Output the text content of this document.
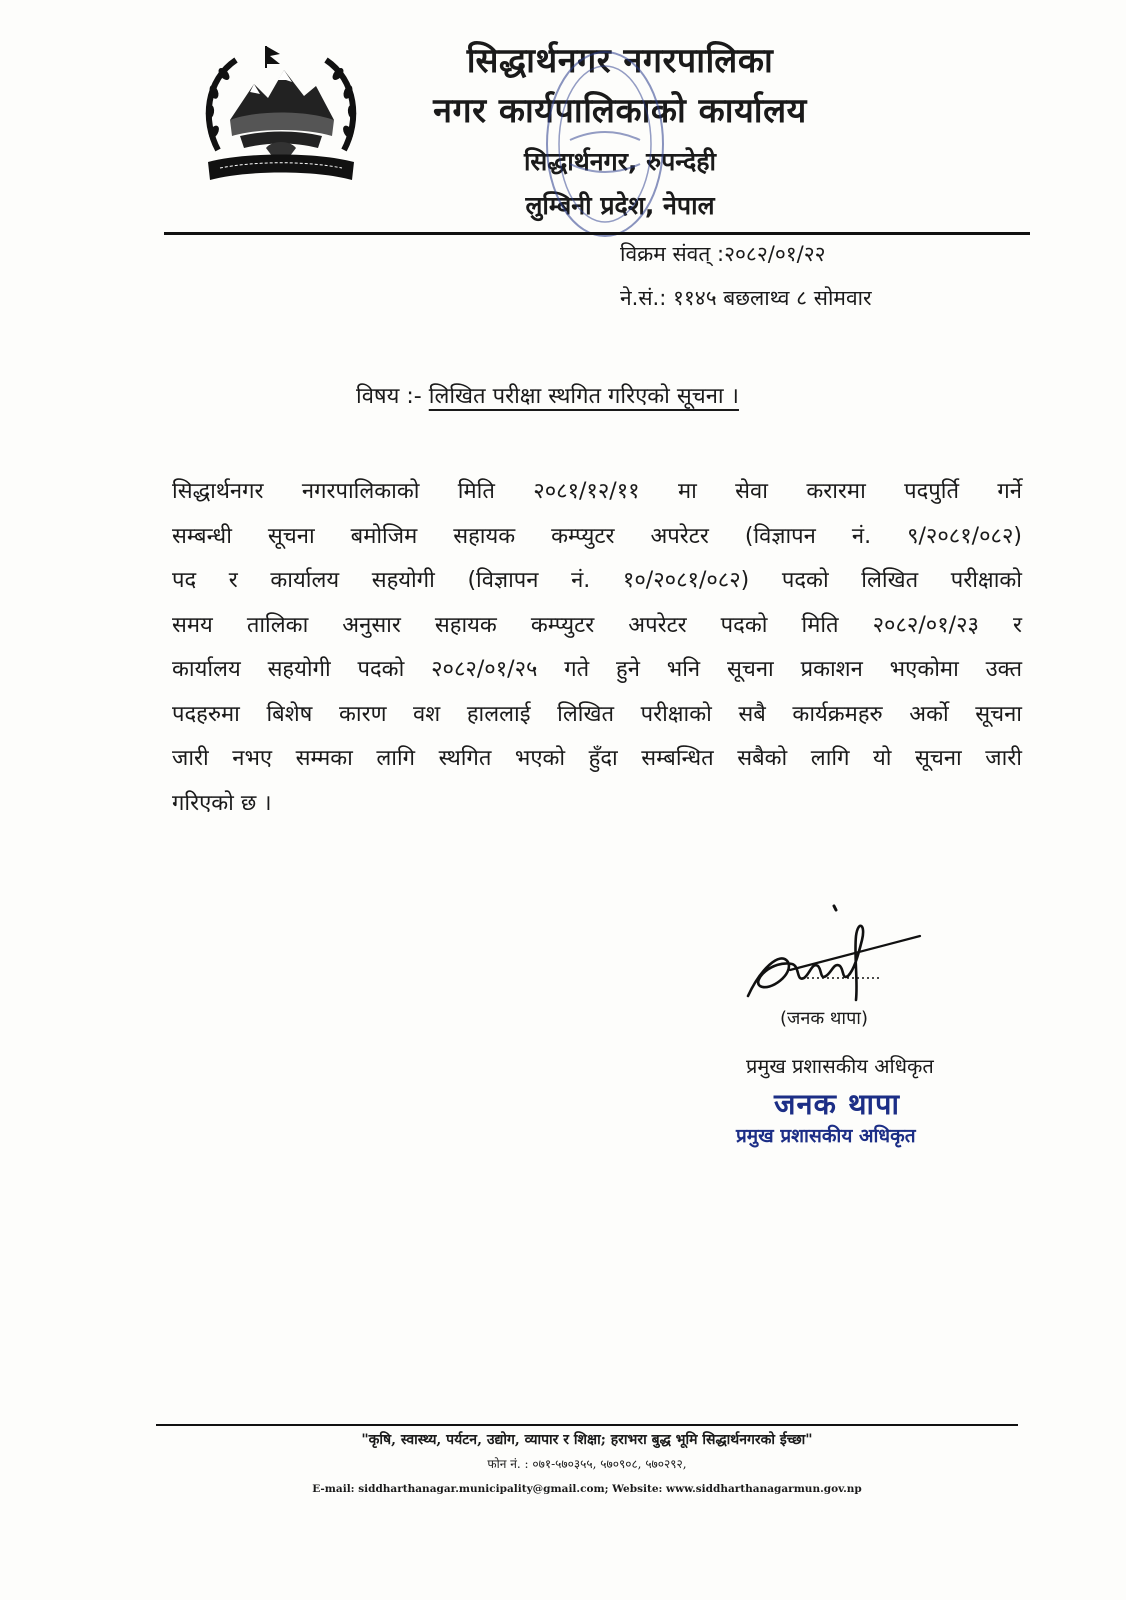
सिद्धार्थनगर नगरपालिका
नगर कार्यपालिकाको कार्यालय
सिद्धार्थनगर, रुपन्देही
लुम्बिनी प्रदेश, नेपाल
विक्रम संवत् :२०८२/०१/२२
ने.सं.: ११४५ बछलाथ्व ८ सोमवार
विषय :- लिखित परीक्षा स्थगित गरिएको सूचना ।
सिद्धार्थनगर नगरपालिकाको मिति २०८१/१२/११ मा सेवा करारमा पदपुर्ति गर्ने
सम्बन्धी सूचना बमोजिम सहायक कम्प्युटर अपरेटर (विज्ञापन नं. ९/२०८१/०८२)
पद र कार्यालय सहयोगी (विज्ञापन नं. १०/२०८१/०८२) पदको लिखित परीक्षाको
समय तालिका अनुसार सहायक कम्प्युटर अपरेटर पदको मिति २०८२/०१/२३ र
कार्यालय सहयोगी पदको २०८२/०१/२५ गते हुने भनि सूचना प्रकाशन भएकोमा उक्त
पदहरुमा बिशेष कारण वश हाललाई लिखित परीक्षाको सबै कार्यक्रमहरु अर्को सूचना
जारी नभए सम्मका लागि स्थगित भएको हुँदा सम्बन्धित सबैको लागि यो सूचना जारी
गरिएको छ ।
(जनक थापा)
प्रमुख प्रशासकीय अधिकृत
जनक थापा
प्रमुख प्रशासकीय अधिकृत
"कृषि, स्वास्थ्य, पर्यटन, उद्योग, व्यापार र शिक्षा; हराभरा बुद्ध भूमि सिद्धार्थनगरको ईच्छा"
फोन नं. : ०७१-५७०३५५, ५७०९०८, ५७०२९२,
E-mail: siddharthanagar.municipality@gmail.com; Website: www.siddharthanagarmun.gov.np
